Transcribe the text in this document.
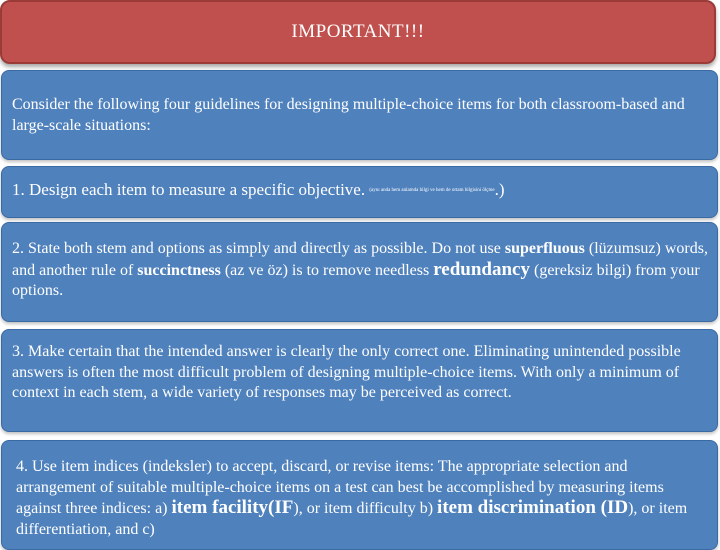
IMPORTANT!!!
Consider the following four guidelines for designing multiple-choice items for both classroom-based and large-scale situations:
1. Design each item to measure a specific objective. (aynı anda hem anlamda bilgi ve hem de ortam bilgisini ölçme.)
2. State both stem and options as simply and directly as possible. Do not use superfluous (lüzumsuz) words, and another rule of succinctness (az ve öz) is to remove needless redundancy (gereksiz bilgi) from your options.
3. Make certain that the intended answer is clearly the only correct one. Eliminating unintended possible answers is often the most difficult problem of designing multiple-choice items. With only a minimum of context in each stem, a wide variety of responses may be perceived as correct.
4. Use item indices (indeksler) to accept, discard, or revise items: The appropriate selection and arrangement of suitable multiple-choice items on a test can best be accomplished by measuring items against three indices: a) item facility(IF), or item difficulty b) item discrimination (ID), or item differentiation, and c)
